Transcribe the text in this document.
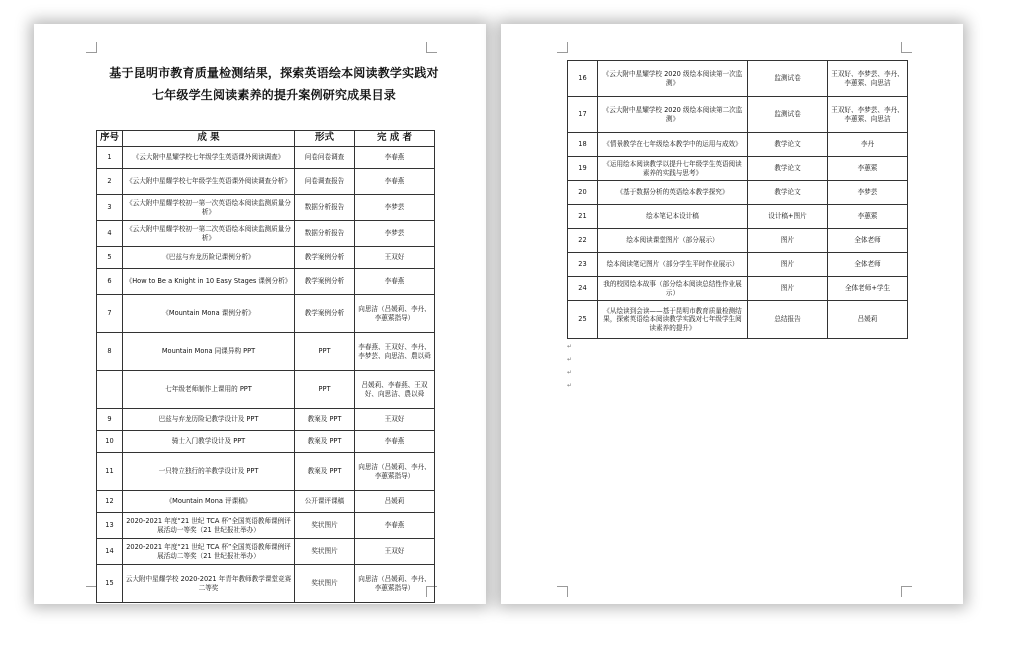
基于昆明市教育质量检测结果，探索英语绘本阅读教学实践对
七年级学生阅读素养的提升案例研究成果目录
序号	成 果	形式	完 成 者
1	《云大附中星耀学校七年级学生英语课外阅读调查》	问卷问卷调查	李春燕
2	《云大附中星耀学校七年级学生英语课外阅读调查分析》	问卷调查报告	李春燕
3	《云大附中星耀学校初一第一次英语绘本阅读监测质量分析》	数据分析报告	李梦芸
4	《云大附中星耀学校初一第二次英语绘本阅读监测质量分析》	数据分析报告	李梦芸
5	《巴兹与弃龙历险记课例分析》	教学案例分析	王双好
6	《How to Be a Knight in 10 Easy Stages 课例分析》	教学案例分析	李春燕
7	《Mountain Mona 课例分析》	教学案例分析	向思洁（吕媛莉、李丹、李蕙萦指导）
8	Mountain Mona 同课异构 PPT	PPT	李春燕、王双好、李丹、李梦芸、向思洁、農以舜
	七年级老师制作上课用的 PPT	PPT	吕媛莉、李春燕、王双好、向思洁、農以舜
9	巴兹与弃龙历险记教学设计及 PPT	教案及 PPT	王双好
10	骑士入门教学设计及 PPT	教案及 PPT	李春燕
11	一只特立独行的羊教学设计及 PPT	教案及 PPT	向思洁（吕媛莉、李丹、李蕙萦指导）
12	《Mountain Mona 评课稿》	公开课评课稿	吕媛莉
13	2020-2021 年度“21 世纪 TCA 杯”全国英语教师课例评展活动一等奖（21 世纪报社举办）	奖状图片	李春燕
14	2020-2021 年度“21 世纪 TCA 杯”全国英语教师课例评展活动二等奖（21 世纪报社举办）	奖状图片	王双好
15	云大附中星耀学校 2020-2021 年青年教师教学课堂竞赛二等奖	奖状图片	向思洁（吕媛莉、李丹、李蕙萦指导）
16	《云大附中星耀学校 2020 级绘本阅读第一次监测》	监测试卷	王双好、李梦芸、李丹、李蕙萦、向思洁
17	《云大附中星耀学校 2020 级绘本阅读第二次监测》	监测试卷	王双好、李梦芸、李丹、李蕙萦、向思洁
18	《情景教学在七年级绘本教学中的运用与成效》	教学论文	李丹
19	《运用绘本阅读教学以提升七年级学生英语阅读素养的实践与思考》	教学论文	李蕙萦
20	《基于数据分析的英语绘本教学探究》	教学论文	李梦芸
21	绘本笔记本设计稿	设计稿+图片	李蕙萦
22	绘本阅读课堂图片（部分展示）	图片	全体老师
23	绘本阅读笔记图片（部分学生平时作业展示）	图片	全体老师
24	我的校园绘本故事（部分绘本阅读总结性作业展示）	图片	全体老师+学生
25	《从绘读到会读——基于昆明市教育质量检测结果，探索英语绘本阅读教学实践对七年级学生阅读素养的提升》	总结报告	吕媛莉
↵
↵
↵
↵
